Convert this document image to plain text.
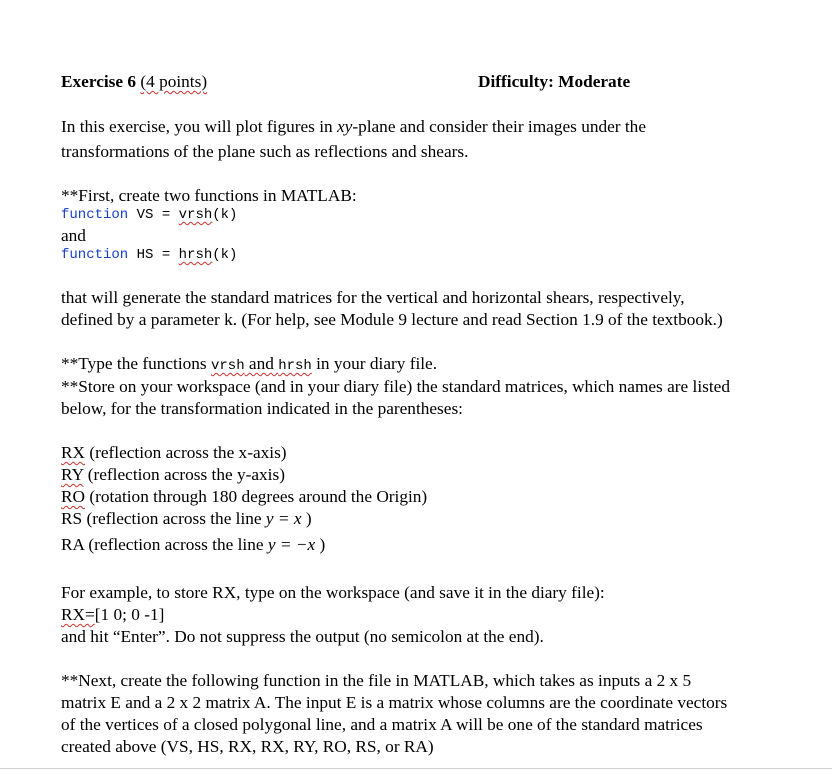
Exercise 6 (4 points)	Difficulty: Moderate
In this exercise, you will plot figures in xy-plane and consider their images under the
transformations of the plane such as reflections and shears.
**First, create two functions in MATLAB:
function VS = vrsh(k)
and
function HS = hrsh(k)
that will generate the standard matrices for the vertical and horizontal shears, respectively,
defined by a parameter k. (For help, see Module 9 lecture and read Section 1.9 of the textbook.)
**Type the functions vrsh and hrsh in your diary file.
**Store on your workspace (and in your diary file) the standard matrices, which names are listed
below, for the transformation indicated in the parentheses:
RX (reflection across the x-axis)
RY (reflection across the y-axis)
RO (rotation through 180 degrees around the Origin)
RS (reflection across the line y = x )
RA (reflection across the line y = −x )
For example, to store RX, type on the workspace (and save it in the diary file):
RX=[1 0; 0 -1]
and hit “Enter”. Do not suppress the output (no semicolon at the end).
**Next, create the following function in the file in MATLAB, which takes as inputs a 2 x 5
matrix E and a 2 x 2 matrix A. The input E is a matrix whose columns are the coordinate vectors
of the vertices of a closed polygonal line, and a matrix A will be one of the standard matrices
created above (VS, HS, RX, RX, RY, RO, RS, or RA)
